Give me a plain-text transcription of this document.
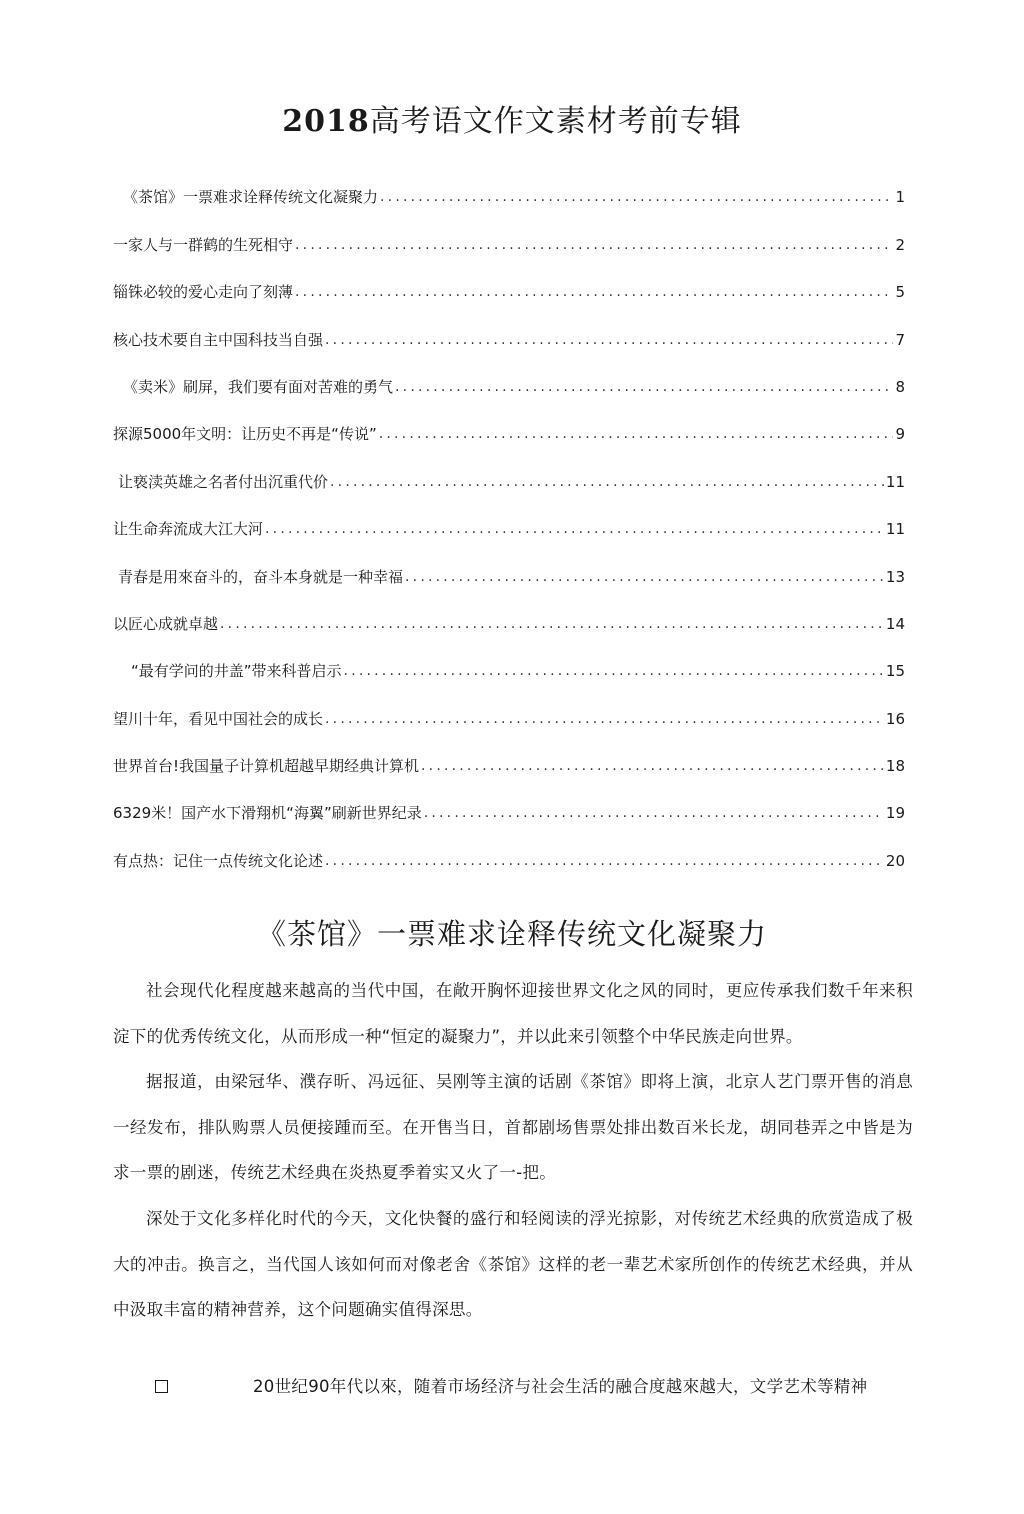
2018高考语文作文素材考前专辑
《茶馆》一票难求诠释传统文化凝聚力 .....	1
一家人与一群鹤的生死相守 .....	2
锱铢必较的爱心走向了刻薄 .....	5
核心技术要自主中国科技当自强 .....	7
《卖米》刷屏，我们要有面对苦难的勇气 .....	8
探源5000年文明：让历史不再是“传说” .....	9
让亵渎英雄之名者付出沉重代价 .....	11
让生命奔流成大江大河 .....	11
青春是用來奋斗的，奋斗本身就是一种幸福 .....	13
以匠心成就卓越 .....	14
“最有学问的井盖”带来科普启示 .....	15
望川十年，看见中国社会的成长 .....	16
世界首台!我国量子计算机超越早期经典计算机 .....	18
6329米！国产水下滑翔机“海翼”刷新世界纪录 .....	19
有点热：记住一点传统文化论述 .....	20
《茶馆》一票难求诠释传统文化凝聚力

社会现代化程度越来越高的当代中国，在敞开胸怀迎接世界文化之风的同时，更应传承我们数千年来积淀下的优秀传统文化，从而形成一种“恒定的凝聚力”，并以此来引领整个中华民族走向世界。

据报道，由梁冠华、濮存昕、冯远征、吴刚等主演的话剧《茶馆》即将上演，北京人艺门票开售的消息一经发布，排队购票人员便接踵而至。在开售当日，首都剧场售票处排出数百米长龙，胡同巷弄之中皆是为求一票的剧迷，传统艺术经典在炎热夏季着实又火了一-把。

深处于文化多样化时代的今天，文化快餐的盛行和轻阅读的浮光掠影，对传统艺术经典的欣赏造成了极大的冲击。换言之，当代国人该如何而对像老舍《茶馆》这样的老一辈艺术家所创作的传统艺术经典，并从中汲取丰富的精神营养，这个问题确实值得深思。

20世纪90年代以來，随着市场经济与社会生活的融合度越來越大，文学艺术等精神
